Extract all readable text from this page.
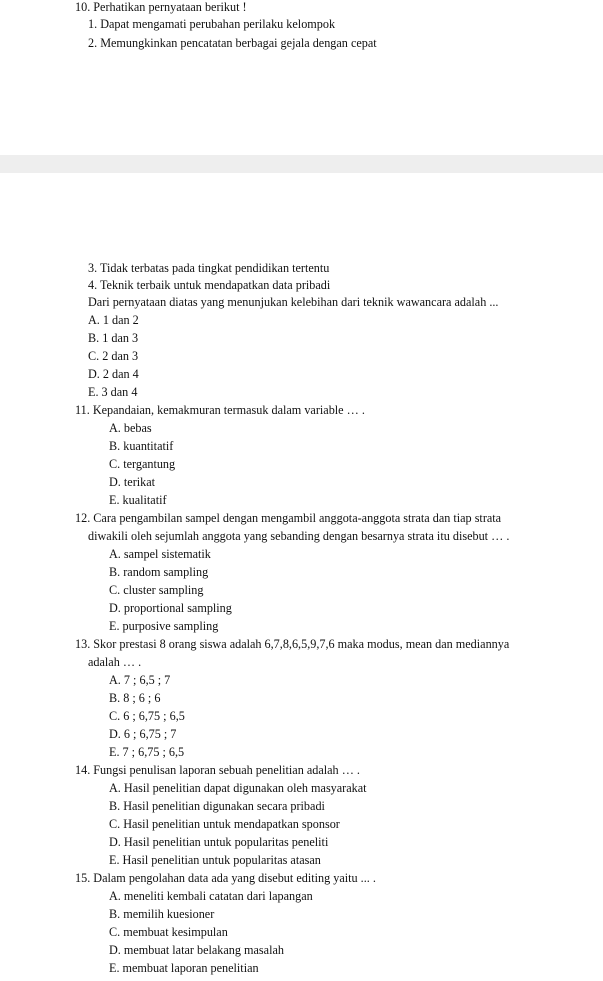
10. Perhatikan pernyataan berikut !
1. Dapat mengamati perubahan perilaku kelompok
2. Memungkinkan pencatatan berbagai gejala dengan cepat
3. Tidak terbatas pada tingkat pendidikan tertentu
4. Teknik terbaik untuk mendapatkan data pribadi
Dari pernyataan diatas yang menunjukan kelebihan dari teknik wawancara adalah ...
A. 1 dan 2
B. 1 dan 3
C. 2 dan 3
D. 2 dan 4
E. 3 dan 4
11. Kepandaian, kemakmuran termasuk dalam variable … .
A. bebas
B. kuantitatif
C. tergantung
D. terikat
E. kualitatif
12. Cara pengambilan sampel dengan mengambil anggota-anggota strata dan tiap strata
diwakili oleh sejumlah anggota yang sebanding dengan besarnya strata itu disebut … .
A. sampel sistematik
B. random sampling
C. cluster sampling
D. proportional sampling
E. purposive sampling
13. Skor prestasi 8 orang siswa adalah 6,7,8,6,5,9,7,6 maka modus, mean dan mediannya
adalah … .
A. 7 ; 6,5 ; 7
B. 8 ; 6 ; 6
C. 6 ; 6,75 ; 6,5
D. 6 ; 6,75 ; 7
E. 7 ; 6,75 ; 6,5
14. Fungsi penulisan laporan sebuah penelitian adalah … .
A. Hasil penelitian dapat digunakan oleh masyarakat
B. Hasil penelitian digunakan secara pribadi
C. Hasil penelitian untuk mendapatkan sponsor
D. Hasil penelitian untuk popularitas peneliti
E. Hasil penelitian untuk popularitas atasan
15. Dalam pengolahan data ada yang disebut editing yaitu ... .
A. meneliti kembali catatan dari lapangan
B. memilih kuesioner
C. membuat kesimpulan
D. membuat latar belakang masalah
E. membuat laporan penelitian
